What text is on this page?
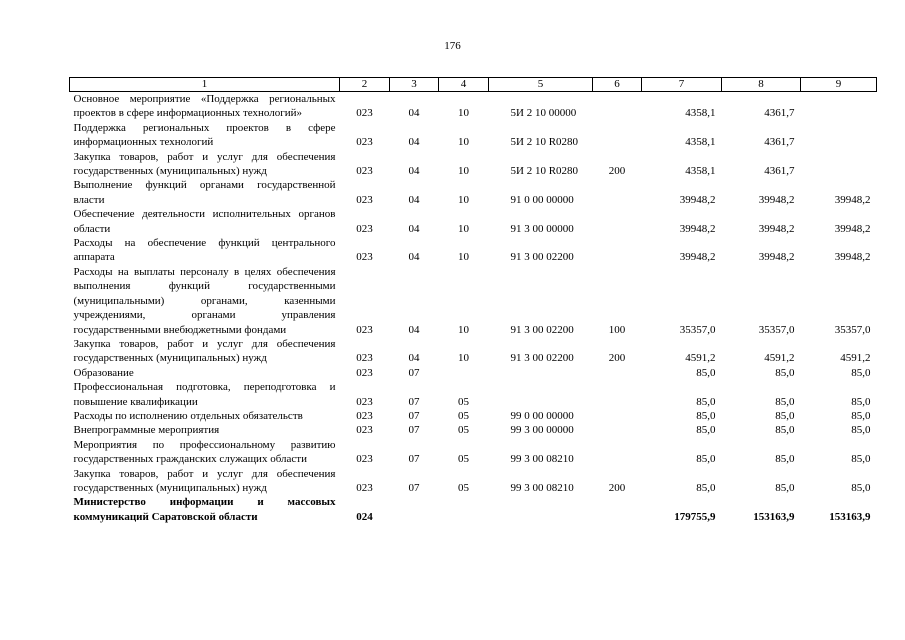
176
1	2	3	4	5	6	7	8	9
Основное мероприятие «Поддержка региональных проектов в сфере информационных технологий»	023	04	10	5И 2 10 00000		4358,1	4361,7	
Поддержка региональных проектов в сфере информационных технологий	023	04	10	5И 2 10 R0280		4358,1	4361,7	
Закупка товаров, работ и услуг для обеспечения государственных (муниципальных) нужд	023	04	10	5И 2 10 R0280	200	4358,1	4361,7	
Выполнение функций органами государственной власти	023	04	10	91 0 00 00000		39948,2	39948,2	39948,2
Обеспечение деятельности исполнительных органов области	023	04	10	91 3 00 00000		39948,2	39948,2	39948,2
Расходы на обеспечение функций центрального аппарата	023	04	10	91 3 00 02200		39948,2	39948,2	39948,2
Расходы на выплаты персоналу в целях обеспечения выполнения функций государственными (муниципальными) органами, казенными учреждениями, органами управления государственными внебюджетными фондами	023	04	10	91 3 00 02200	100	35357,0	35357,0	35357,0
Закупка товаров, работ и услуг для обеспечения государственных (муниципальных) нужд	023	04	10	91 3 00 02200	200	4591,2	4591,2	4591,2
Образование	023	07				85,0	85,0	85,0
Профессиональная подготовка, переподготовка и повышение квалификации	023	07	05			85,0	85,0	85,0
Расходы по исполнению отдельных обязательств	023	07	05	99 0 00 00000		85,0	85,0	85,0
Внепрограммные мероприятия	023	07	05	99 3 00 00000		85,0	85,0	85,0
Мероприятия по профессиональному развитию государственных гражданских служащих области	023	07	05	99 3 00 08210		85,0	85,0	85,0
Закупка товаров, работ и услуг для обеспечения государственных (муниципальных) нужд	023	07	05	99 3 00 08210	200	85,0	85,0	85,0
Министерство информации и массовых коммуникаций Саратовской области	024					179755,9	153163,9	153163,9
